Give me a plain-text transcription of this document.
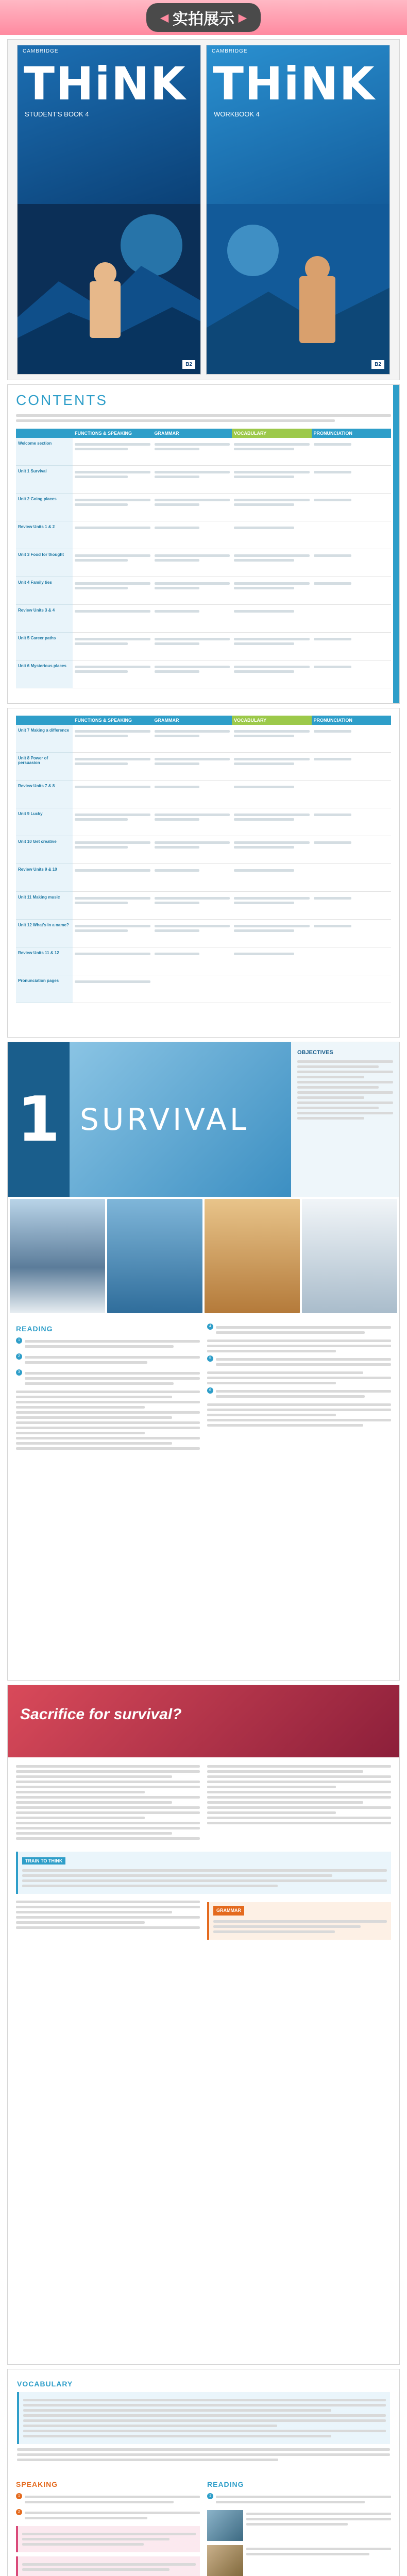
◀ 实拍展示 ▶
CAMBRIDGE
THiNK
STUDENT'S BOOK 4
B2
CAMBRIDGE
THiNK
WORKBOOK 4
B2
CONTENTS
FUNCTIONS & SPEAKING	GRAMMAR	VOCABULARY	PRONUNCIATION
Welcome section
Unit 1 Survival
Unit 2 Going places
Review Units 1 & 2
Unit 3 Food for thought
Unit 4 Family ties
Review Units 3 & 4
Unit 5 Career paths
Unit 6 Mysterious places
FUNCTIONS & SPEAKING	GRAMMAR	VOCABULARY	PRONUNCIATION
Unit 7 Making a difference
Unit 8 Power of persuasion
Review Units 7 & 8
Unit 9 Lucky
Unit 10 Get creative
Review Units 9 & 10
Unit 11 Making music
Unit 12 What's in a name?
Review Units 11 & 12
Pronunciation pages
1 SURVIVAL
OBJECTIVES
READING
1
2
3
4
5
6
Sacrifice for survival?
TRAIN TO THINK
GRAMMAR
VOCABULARY
SPEAKING
1
2
READING
1
